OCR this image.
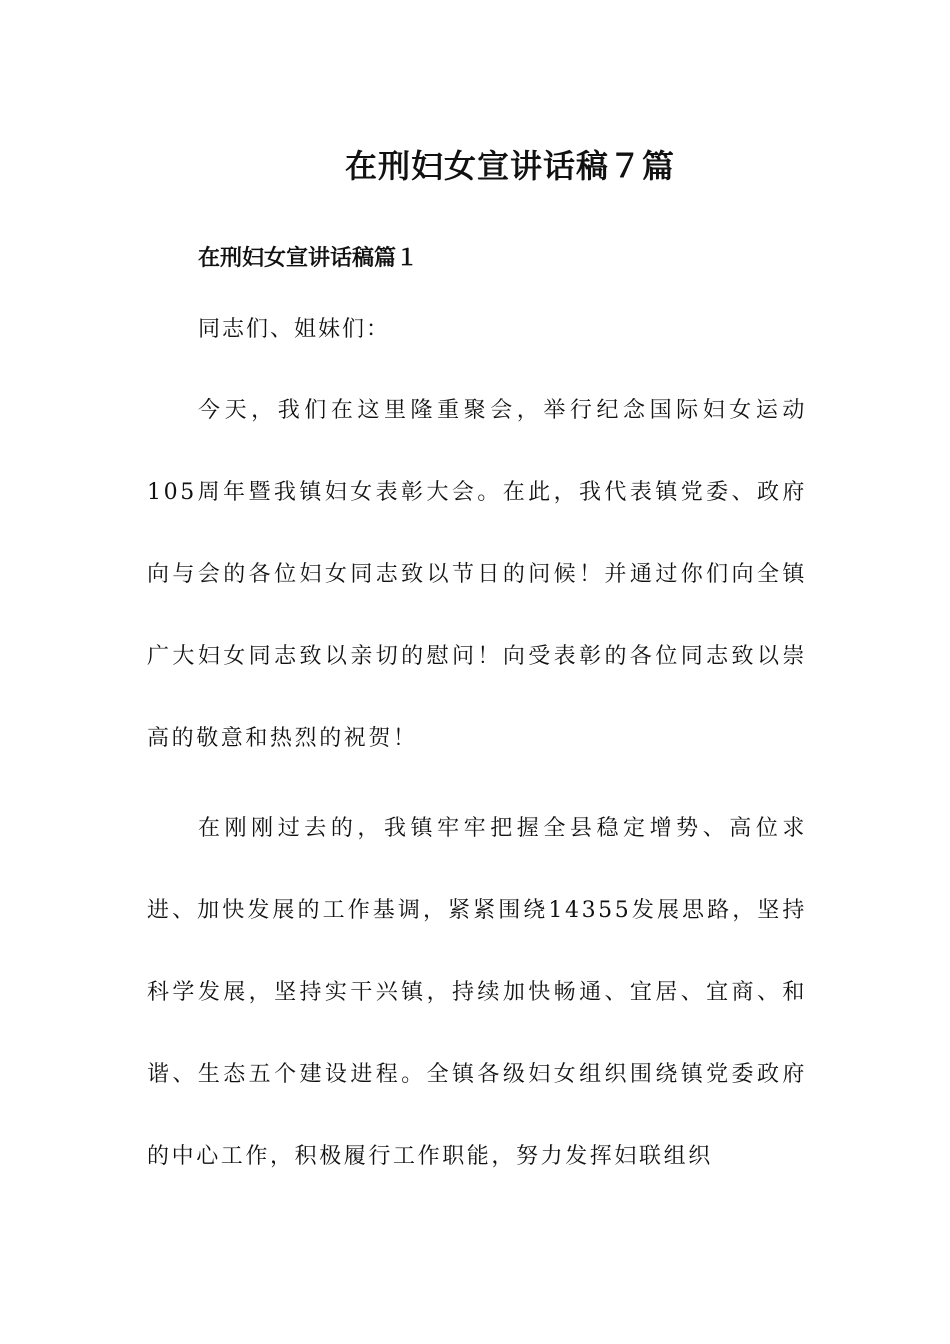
在刑妇女宣讲话稿７篇
在刑妇女宣讲话稿篇１
同志们、姐妹们：

今天，我们在这里隆重聚会，举行纪念国际妇女运动105周年暨我镇妇女表彰大会。在此，我代表镇党委、政府向与会的各位妇女同志致以节日的问候！并通过你们向全镇广大妇女同志致以亲切的慰问！向受表彰的各位同志致以崇高的敬意和热烈的祝贺！

在刚刚过去的，我镇牢牢把握全县稳定增势、高位求进、加快发展的工作基调，紧紧围绕14355发展思路，坚持科学发展，坚持实干兴镇，持续加快畅通、宜居、宜商、和谐、生态五个建设进程。全镇各级妇女组织围绕镇党委政府的中心工作，积极履行工作职能，努力发挥妇联组织
